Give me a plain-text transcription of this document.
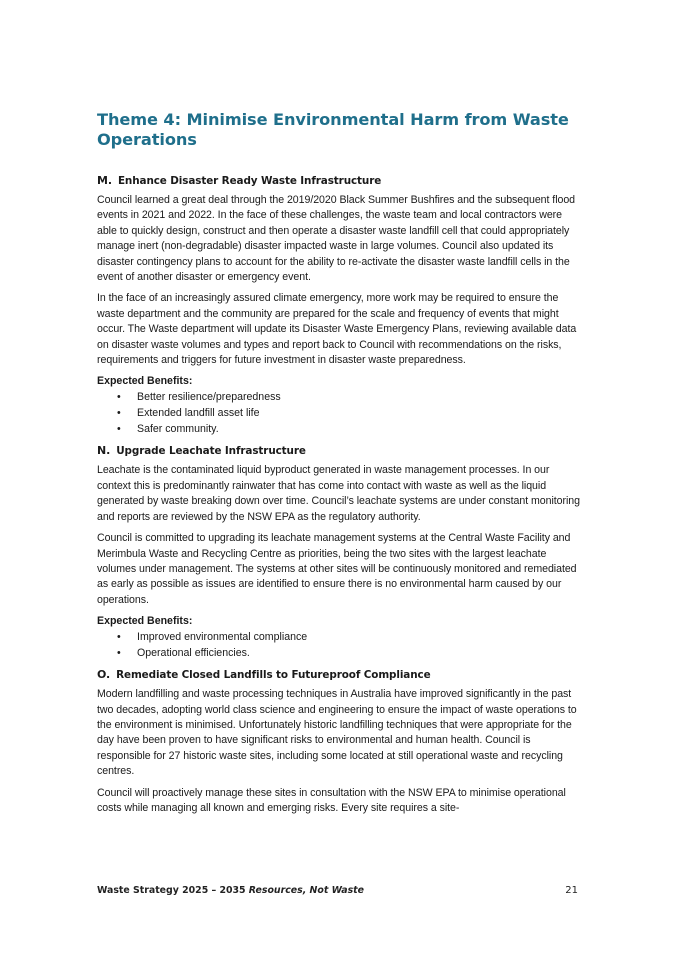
Theme 4: Minimise Environmental Harm from Waste Operations
M. Enhance Disaster Ready Waste Infrastructure

Council learned a great deal through the 2019/2020 Black Summer Bushfires and the subsequent flood events in 2021 and 2022. In the face of these challenges, the waste team and local contractors were able to quickly design, construct and then operate a disaster waste landfill cell that could appropriately manage inert (non-degradable) disaster impacted waste in large volumes. Council also updated its disaster contingency plans to account for the ability to re-activate the disaster waste landfill cells in the event of another disaster or emergency event.

In the face of an increasingly assured climate emergency, more work may be required to ensure the waste department and the community are prepared for the scale and frequency of events that might occur. The Waste department will update its Disaster Waste Emergency Plans, reviewing available data on disaster waste volumes and types and report back to Council with recommendations on the risks, requirements and triggers for future investment in disaster waste preparedness.

Expected Benefits:

• Better resilience/preparedness
• Extended landfill asset life
• Safer community.
N. Upgrade Leachate Infrastructure

Leachate is the contaminated liquid byproduct generated in waste management processes. In our context this is predominantly rainwater that has come into contact with waste as well as the liquid generated by waste breaking down over time. Council’s leachate systems are under constant monitoring and reports are reviewed by the NSW EPA as the regulatory authority.

Council is committed to upgrading its leachate management systems at the Central Waste Facility and Merimbula Waste and Recycling Centre as priorities, being the two sites with the largest leachate volumes under management. The systems at other sites will be continuously monitored and remediated as early as possible as issues are identified to ensure there is no environmental harm caused by our operations.

Expected Benefits:

• Improved environmental compliance
• Operational efficiencies.
O. Remediate Closed Landfills to Futureproof Compliance

Modern landfilling and waste processing techniques in Australia have improved significantly in the past two decades, adopting world class science and engineering to ensure the impact of waste operations to the environment is minimised. Unfortunately historic landfilling techniques that were appropriate for the day have been proven to have significant risks to environmental and human health. Council is responsible for 27 historic waste sites, including some located at still operational waste and recycling centres.

Council will proactively manage these sites in consultation with the NSW EPA to minimise operational costs while managing all known and emerging risks. Every site requires a site-

Waste Strategy 2025 – 2035 Resources, Not Waste	21
